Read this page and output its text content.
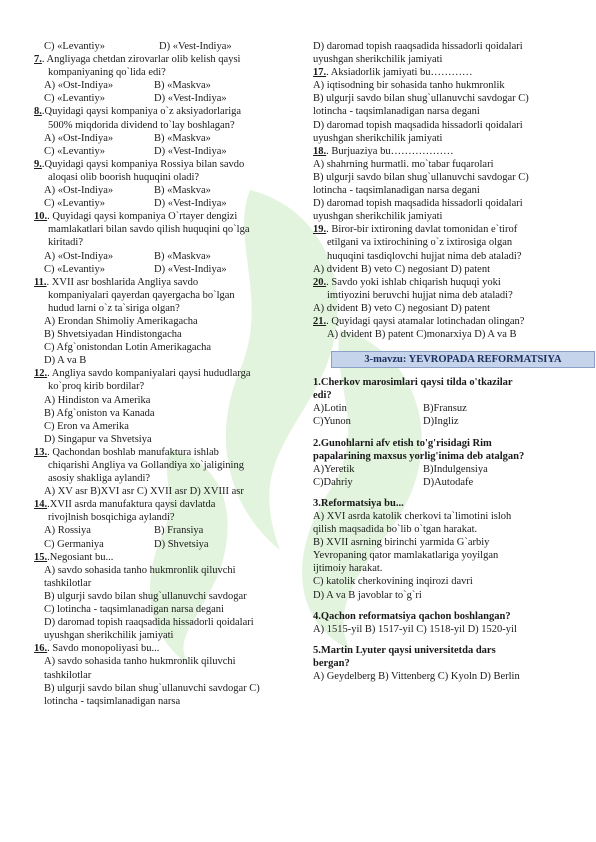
C) «Levantiy»	D) «Vest-Indiya»
7.. Angliyaga chetdan zirovarlar olib kelish qaysi
kompaniyaning qo`lida edi?
A) «Ost-Indiya»	B) «Maskva»
C) «Levantiy»	D) «Vest-Indiya»
8..Quyidagi qaysi kompaniya o`z aksiyadorlariga
500% miqdorida dividend to`lay boshlagan?
A) «Ost-Indiya»	B) «Maskva»
C) «Levantiy»	D) «Vest-Indiya»
9..Quyidagi qaysi kompaniya Rossiya bilan savdo
aloqasi olib boorish huquqini oladi?
A) «Ost-Indiya»	B) «Maskva»
C) «Levantiy»	D) «Vest-Indiya»
10.. Quyidagi qaysi kompaniya O`rtayer dengizi
mamlakatlari bilan savdo qilish huquqini qo`lga
kiritadi?
A) «Ost-Indiya»	B) «Maskva»
C) «Levantiy»	D) «Vest-Indiya»
11.. XVII asr boshlarida Angliya savdo
kompaniyalari qayerdan qayergacha bo`lgan
hudud larni o`z ta`siriga olgan?
A) Erondan Shimoliy Amerikagacha
B) Shvetsiyadan Hindistongacha
C) Afg`onistondan Lotin Amerikagacha
D) A va B
12.. Angliya savdo kompaniyalari qaysi hududlarga
ko`proq kirib bordilar?
A) Hindiston va Amerika
B) Afg`oniston va Kanada
C) Eron va Amerika
D) Singapur va Shvetsiya
13.. Qachondan boshlab manufaktura ishlab
chiqarishi Angliya va Gollandiya xo`jaligining
asosiy shakliga aylandi?
A) XV asr B)XVI asr C) XVII asr D) XVIII asr
14..XVII asrda manufaktura qaysi davlatda
rivojlnish bosqichiga aylandi?
A) Rossiya	B) Fransiya
C) Germaniya	D) Shvetsiya
15..Negosiant bu...
A) savdo sohasida tanho hukmronlik qiluvchi
tashkilotlar
B) ulgurji savdo bilan shug`ullanuvchi savdogar
C) lotincha - taqsimlanadigan narsa degani
D) daromad topish raaqsadida hissadorli qoidalari
uyushgan sherikchilik jamiyati
16.. Savdo monopoliyasi bu...
A) savdo sohasida tanho hukmronlik qiluvchi
tashkilotlar
B) ulgurji savdo bilan shug`ullanuvchi savdogar C)
lotincha - taqsimlanadigan narsa
D) daromad topish raaqsadida hissadorli qoidalari
uyushgan sherikchilik jamiyati
17.. Aksiadorlik jamiyati bu…………
A) iqtisodning bir sohasida tanho hukmronlik
B) ulgurji savdo bilan shug`ullanuvchi savdogar C)
lotincha - taqsimlanadigan narsa degani
D) daromad topish maqsadida hissadorli qoidalari
uyushgan sherikchilik jamiyati
18.. Burjuaziya bu………………
A) shahrning hurmatli. mo`tabar fuqarolari
B) ulgurji savdo bilan shug`ullanuvchi savdogar C)
lotincha - taqsimlanadigan narsa degani
D) daromad topish maqsadida hissadorli qoidalari
uyushgan sherikchilik jamiyati
19.. Biror-bir ixtironing davlat tomonidan e`tirof
etilgani va ixtirochining o`z ixtirosiga olgan
huquqini tasdiqlovchi hujjat nima deb ataladi?
A) dvident B) veto C) negosiant D) patent
20.. Savdo yoki ishlab chiqarish huquqi yoki
imtiyozini beruvchi hujjat nima deb ataladi?
A) dvident B) veto C) negosiant D) patent
21.. Quyidagi qaysi atamalar lotinchadan olingan?
A) dvident B) patent C)monarxiya D) A va B
3-mavzu: YEVROPADA REFORMATSIYA
1.Cherkov marosimlari qaysi tilda o'tkazilar
edi?
A)Lotin	B)Fransuz
C)Yunon	D)Ingliz
2.Gunohlarni afv etish to'g'risidagi Rim
papalarining maxsus yorlig'inima deb atalgan?
A)Yeretik	B)Indulgensiya
C)Dahriy	D)Autodafe
3.Reformatsiya bu...
A) XVI asrda katolik cherkovi ta`limotini isloh
qilish maqsadida bo`lib o`tgan harakat.
B) XVII asrning birinchi yarmida G`arbiy
Yevropaning qator mamlakatlariga yoyilgan
ijtimoiy harakat.
C) katolik cherkovining inqirozi davri
D) A va B javoblar to`g`ri
4.Qachon reformatsiya qachon boshlangan?
A) 1515-yil B) 1517-yil C) 1518-yil D) 1520-yil
5.Martin Lyuter qaysi universitetda dars
bergan?
A) Geydelberg B) Vittenberg C) Kyoln D) Berlin
